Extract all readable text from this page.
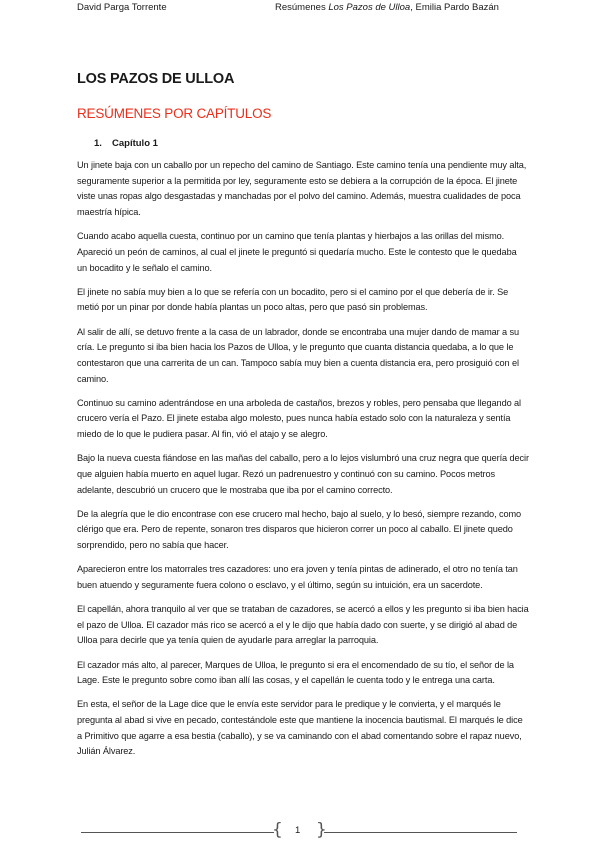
David Parga Torrente	Resúmenes Los Pazos de Ulloa, Emilia Pardo Bazán
LOS PAZOS DE ULLOA
RESÚMENES POR CAPÍTULOS
1. Capítulo 1

Un jinete baja con un caballo por un repecho del camino de Santiago. Este camino tenía una pendiente muy alta, seguramente superior a la permitida por ley, seguramente esto se debiera a la corrupción de la época. El jinete viste unas ropas algo desgastadas y manchadas por el polvo del camino. Además, muestra cualidades de poca maestría hípica.

Cuando acabo aquella cuesta, continuo por un camino que tenía plantas y hierbajos a las orillas del mismo. Apareció un peón de caminos, al cual el jinete le preguntó si quedaría mucho. Este le contesto que le quedaba un bocadito y le señalo el camino.

El jinete no sabía muy bien a lo que se refería con un bocadito, pero si el camino por el que debería de ir. Se metió por un pinar por donde había plantas un poco altas, pero que pasó sin problemas.

Al salir de allí, se detuvo frente a la casa de un labrador, donde se encontraba una mujer dando de mamar a su cría. Le pregunto si iba bien hacia los Pazos de Ulloa, y le pregunto que cuanta distancia quedaba, a lo que le contestaron que una carrerita de un can. Tampoco sabía muy bien a cuenta distancia era, pero prosiguió con el camino.

Continuo su camino adentrándose en una arboleda de castaños, brezos y robles, pero pensaba que llegando al crucero vería el Pazo. El jinete estaba algo molesto, pues nunca había estado solo con la naturaleza y sentía miedo de lo que le pudiera pasar. Al fin, vió el atajo y se alegro.

Bajo la nueva cuesta fiándose en las mañas del caballo, pero a lo lejos vislumbró una cruz negra que quería decir que alguien había muerto en aquel lugar. Rezó un padrenuestro y continuó con su camino. Pocos metros adelante, descubrió un crucero que le mostraba que iba por el camino correcto.

De la alegría que le dio encontrase con ese crucero mal hecho, bajo al suelo, y lo besó, siempre rezando, como clérigo que era. Pero de repente, sonaron tres disparos que hicieron correr un poco al caballo. El jinete quedo sorprendido, pero no sabía que hacer.

Aparecieron entre los matorrales tres cazadores: uno era joven y tenía pintas de adinerado, el otro no tenía tan buen atuendo y seguramente fuera colono o esclavo, y el último, según su intuición, era un sacerdote.

El capellán, ahora tranquilo al ver que se trataban de cazadores, se acercó a ellos y les pregunto si iba bien hacia el pazo de Ulloa. El cazador más rico se acercó a el y le dijo que había dado con suerte, y se dirigió al abad de Ulloa para decirle que ya tenía quien de ayudarle para arreglar la parroquia.

El cazador más alto, al parecer, Marques de Ulloa, le pregunto si era el encomendado de su tío, el señor de la Lage. Este le pregunto sobre como iban allí las cosas, y el capellán le cuenta todo y le entrega una carta.

En esta, el señor de la Lage dice que le envía este servidor para le predique y le convierta, y el marqués le pregunta al abad si vive en pecado, contestándole este que mantiene la inocencia bautismal. El marqués le dice a Primitivo que agarre a esa bestia (caballo), y se va caminando con el abad comentando sobre el rapaz nuevo, Julián Álvarez.

{ 1 }
